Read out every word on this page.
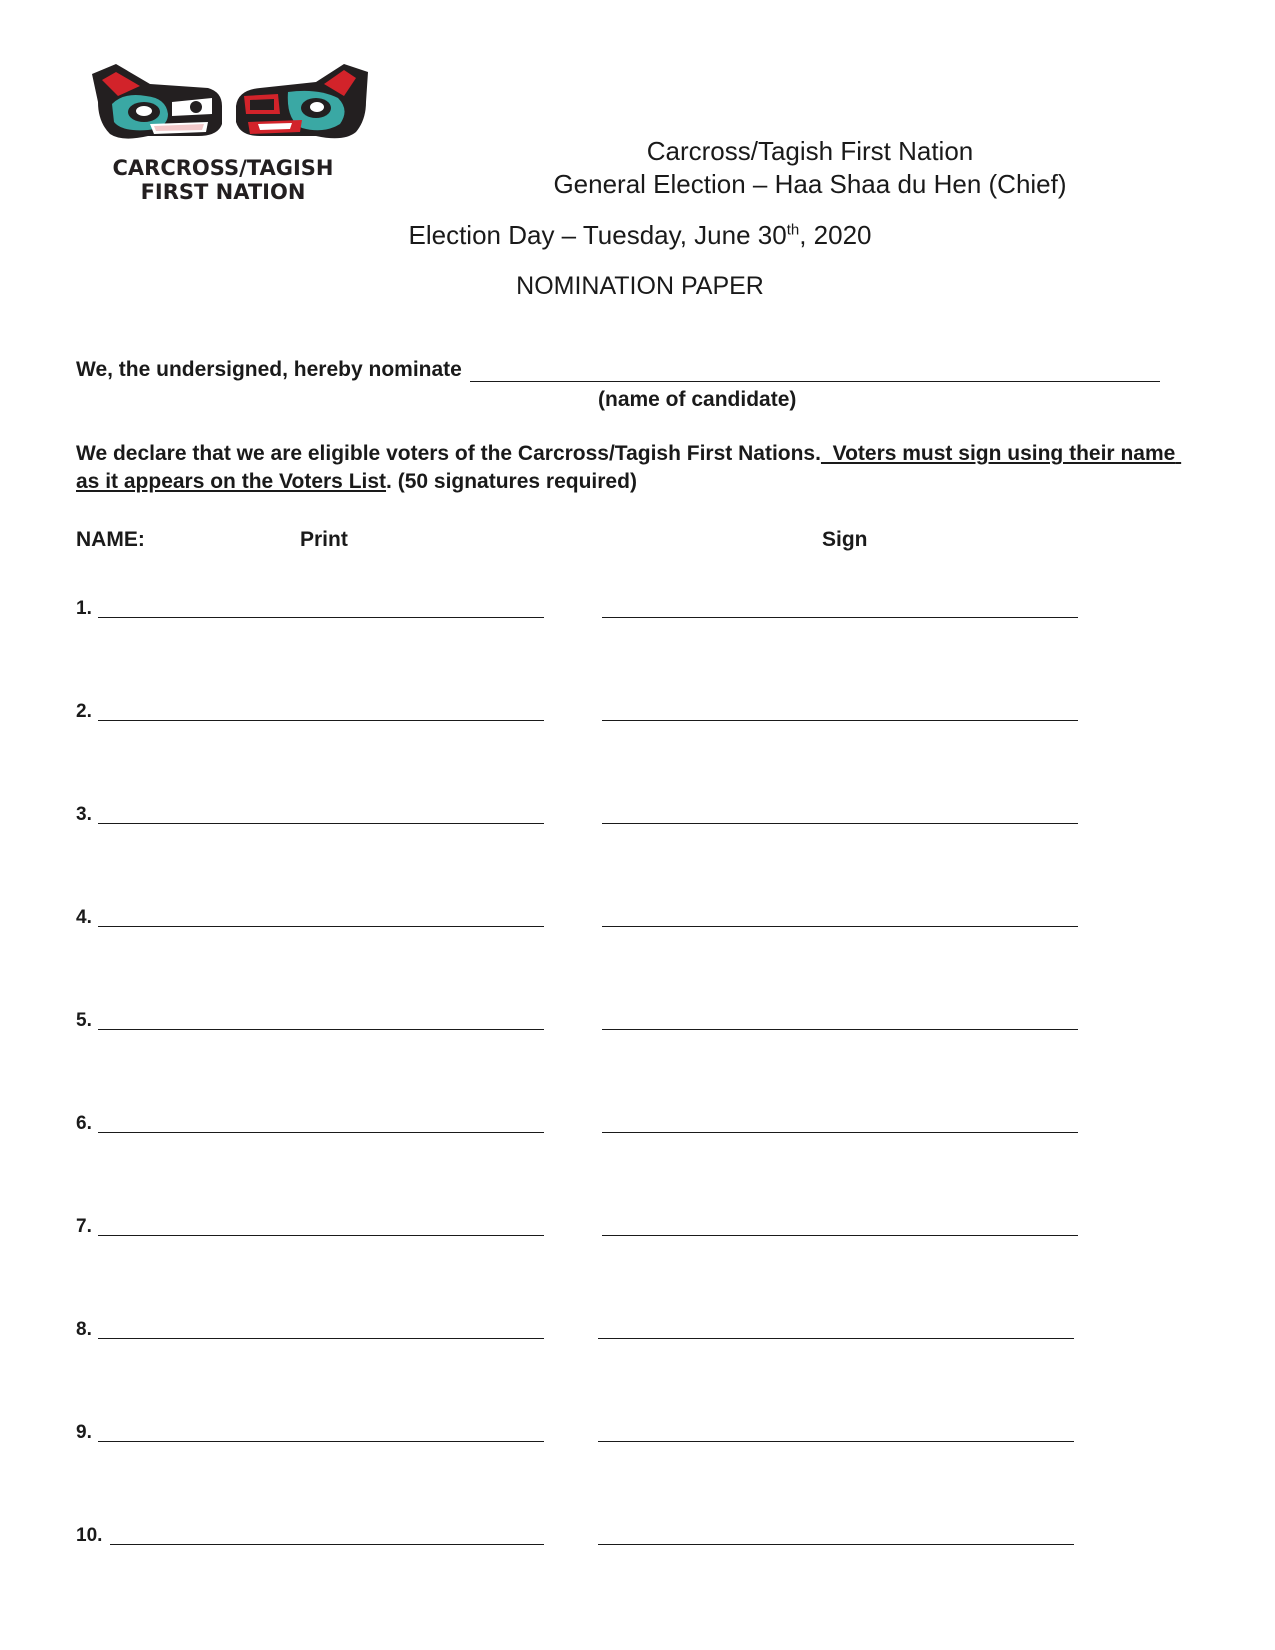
CARCROSS/TAGISH
FIRST NATION
Carcross/Tagish First Nation
General Election – Haa Shaa du Hen (Chief)
Election Day – Tuesday, June 30th, 2020
NOMINATION PAPER
We, the undersigned, hereby nominate
(name of candidate)
We declare that we are eligible voters of the Carcross/Tagish First Nations.  Voters must sign using their name as it appears on the Voters List. (50 signatures required)
NAME:	Print	Sign
1.
2.
3.
4.
5.
6.
7.
8.
9.
10.
